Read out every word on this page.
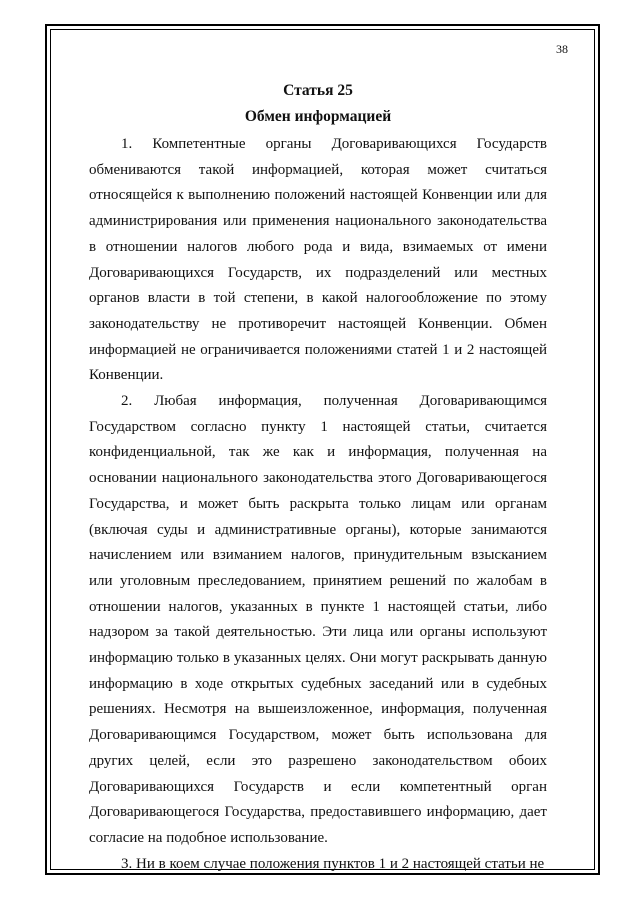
38

Статья 25

Обмен информацией

1. Компетентные органы Договаривающихся Государств обмениваются такой информацией, которая может считаться относящейся к выполнению положений настоящей Конвенции или для администрирования или применения национального законодательства в отношении налогов любого рода и вида, взимаемых от имени Договаривающихся Государств, их подразделений или местных органов власти в той степени, в какой налогообложение по этому законодательству не противоречит настоящей Конвенции. Обмен информацией не ограничивается положениями статей 1 и 2 настоящей Конвенции.

2. Любая информация, полученная Договаривающимся Государством согласно пункту 1 настоящей статьи, считается конфиденциальной, так же как и информация, полученная на основании национального законодательства этого Договаривающегося Государства, и может быть раскрыта только лицам или органам (включая суды и административные органы), которые занимаются начислением или взиманием налогов, принудительным взысканием или уголовным преследованием, принятием решений по жалобам в отношении налогов, указанных в пункте 1 настоящей статьи, либо надзором за такой деятельностью. Эти лица или органы используют информацию только в указанных целях. Они могут раскрывать данную информацию в ходе открытых судебных заседаний или в судебных решениях. Несмотря на вышеизложенное, информация, полученная Договаривающимся Государством, может быть использована для других целей, если это разрешено законодательством обоих Договаривающихся Государств и если компетентный орган Договаривающегося Государства, предоставившего информацию, дает согласие на подобное использование.

3. Ни в коем случае положения пунктов 1 и 2 настоящей статьи не
